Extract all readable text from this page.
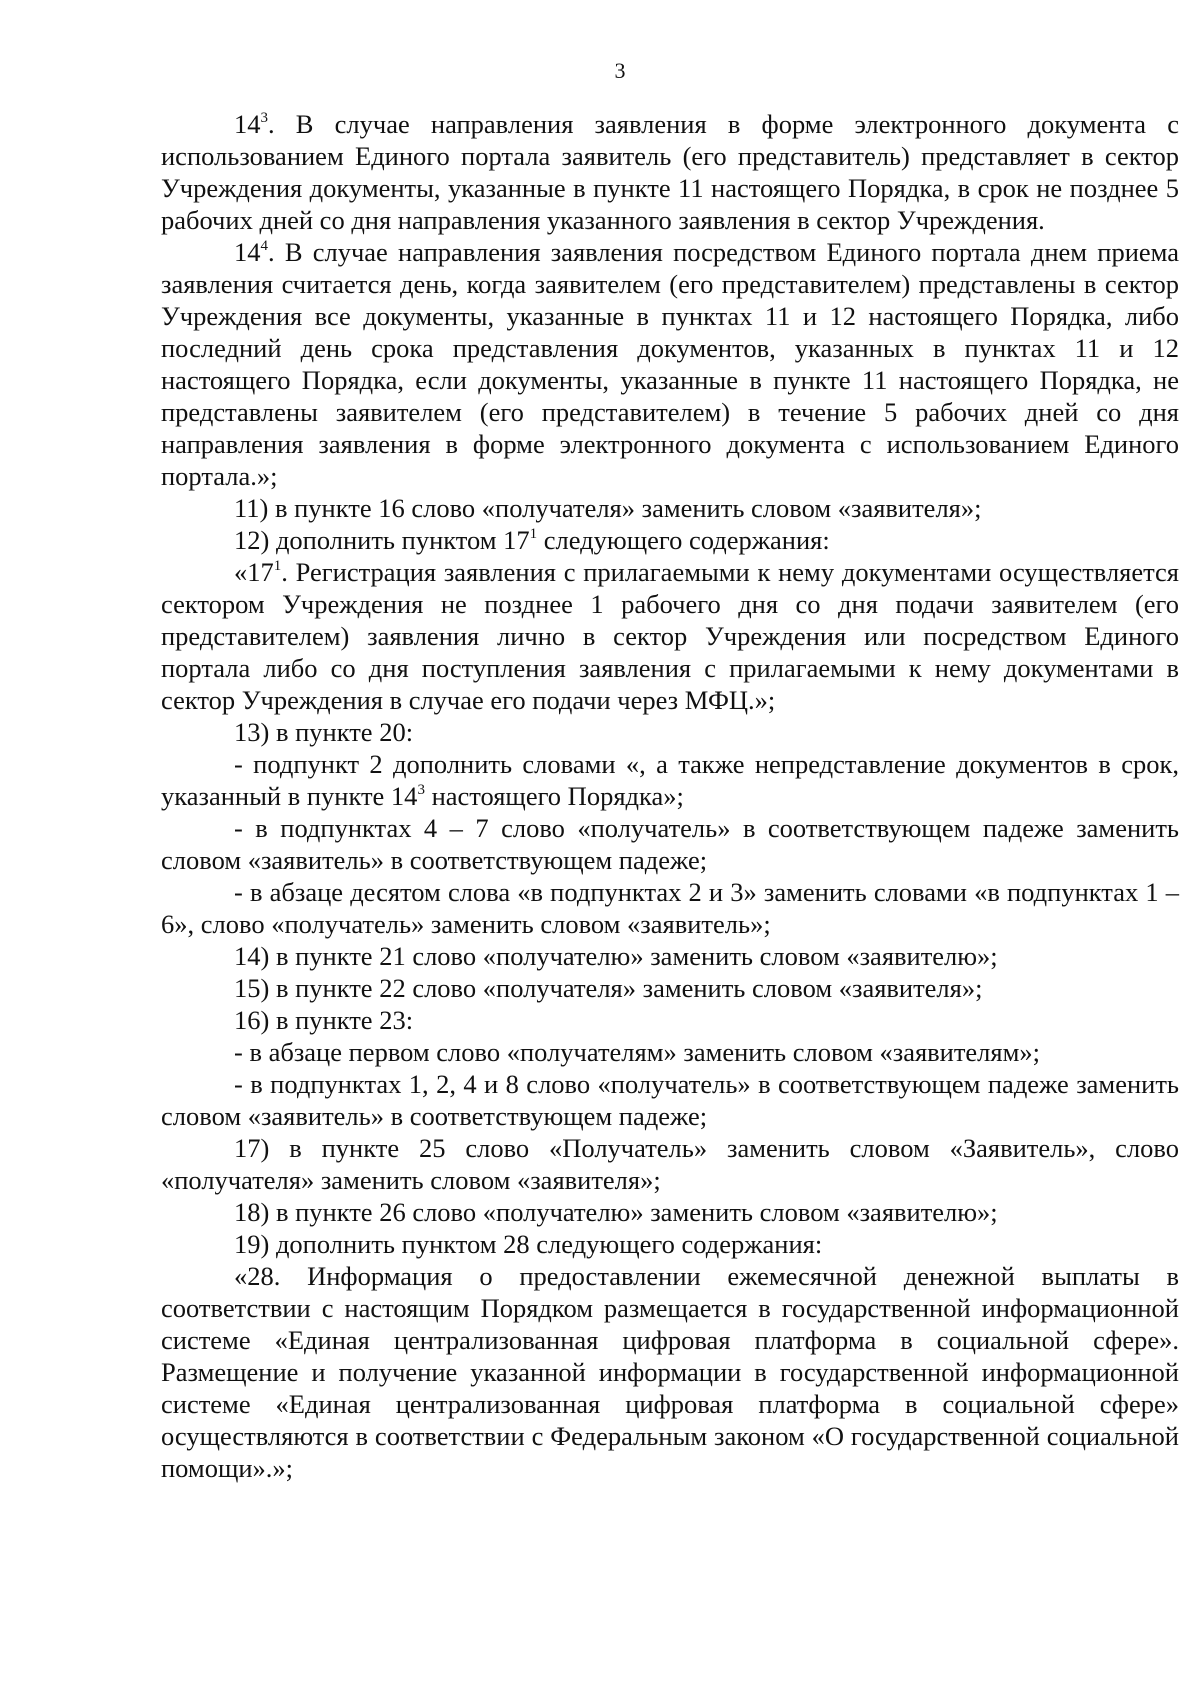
3

$14^3$. В случае направления заявления в форме электронного документа с использованием Единого портала заявитель (его представитель) представляет в сектор Учреждения документы, указанные в пункте 11 настоящего Порядка, в срок не позднее 5 рабочих дней со дня направления указанного заявления в сектор Учреждения.

$14^4$. В случае направления заявления посредством Единого портала днем приема заявления считается день, когда заявителем (его представителем) представлены в сектор Учреждения все документы, указанные в пунктах 11 и 12 настоящего Порядка, либо последний день срока представления документов, указанных в пунктах 11 и 12 настоящего Порядка, если документы, указанные в пункте 11 настоящего Порядка, не представлены заявителем (его представителем) в течение 5 рабочих дней со дня направления заявления в форме электронного документа с использованием Единого портала.»;

11) в пункте 16 слово «получателя» заменить словом «заявителя»;

12) дополнить пунктом $17^1$ следующего содержания:

«$17^1$. Регистрация заявления с прилагаемыми к нему документами осуществляется сектором Учреждения не позднее 1 рабочего дня со дня подачи заявителем (его представителем) заявления лично в сектор Учреждения или посредством Единого портала либо со дня поступления заявления с прилагаемыми к нему документами в сектор Учреждения в случае его подачи через МФЦ.»;

13) в пункте 20:

- подпункт 2 дополнить словами «, а также непредставление документов в срок, указанный в пункте $14^3$ настоящего Порядка»;

- в подпунктах 4 – 7 слово «получатель» в соответствующем падеже заменить словом «заявитель» в соответствующем падеже;

- в абзаце десятом слова «в подпунктах 2 и 3» заменить словами «в подпунктах 1 – 6», слово «получатель» заменить словом «заявитель»;

14) в пункте 21 слово «получателю» заменить словом «заявителю»;

15) в пункте 22 слово «получателя» заменить словом «заявителя»;

16) в пункте 23:

- в абзаце первом слово «получателям» заменить словом «заявителям»;

- в подпунктах 1, 2, 4 и 8 слово «получатель» в соответствующем падеже заменить словом «заявитель» в соответствующем падеже;

17) в пункте 25 слово «Получатель» заменить словом «Заявитель», слово «получателя» заменить словом «заявителя»;

18) в пункте 26 слово «получателю» заменить словом «заявителю»;

19) дополнить пунктом 28 следующего содержания:

«28. Информация о предоставлении ежемесячной денежной выплаты в соответствии с настоящим Порядком размещается в государственной информационной системе «Единая централизованная цифровая платформа в социальной сфере». Размещение и получение указанной информации в государственной информационной системе «Единая централизованная цифровая платформа в социальной сфере» осуществляются в соответствии с Федеральным законом «О государственной социальной помощи».»;
